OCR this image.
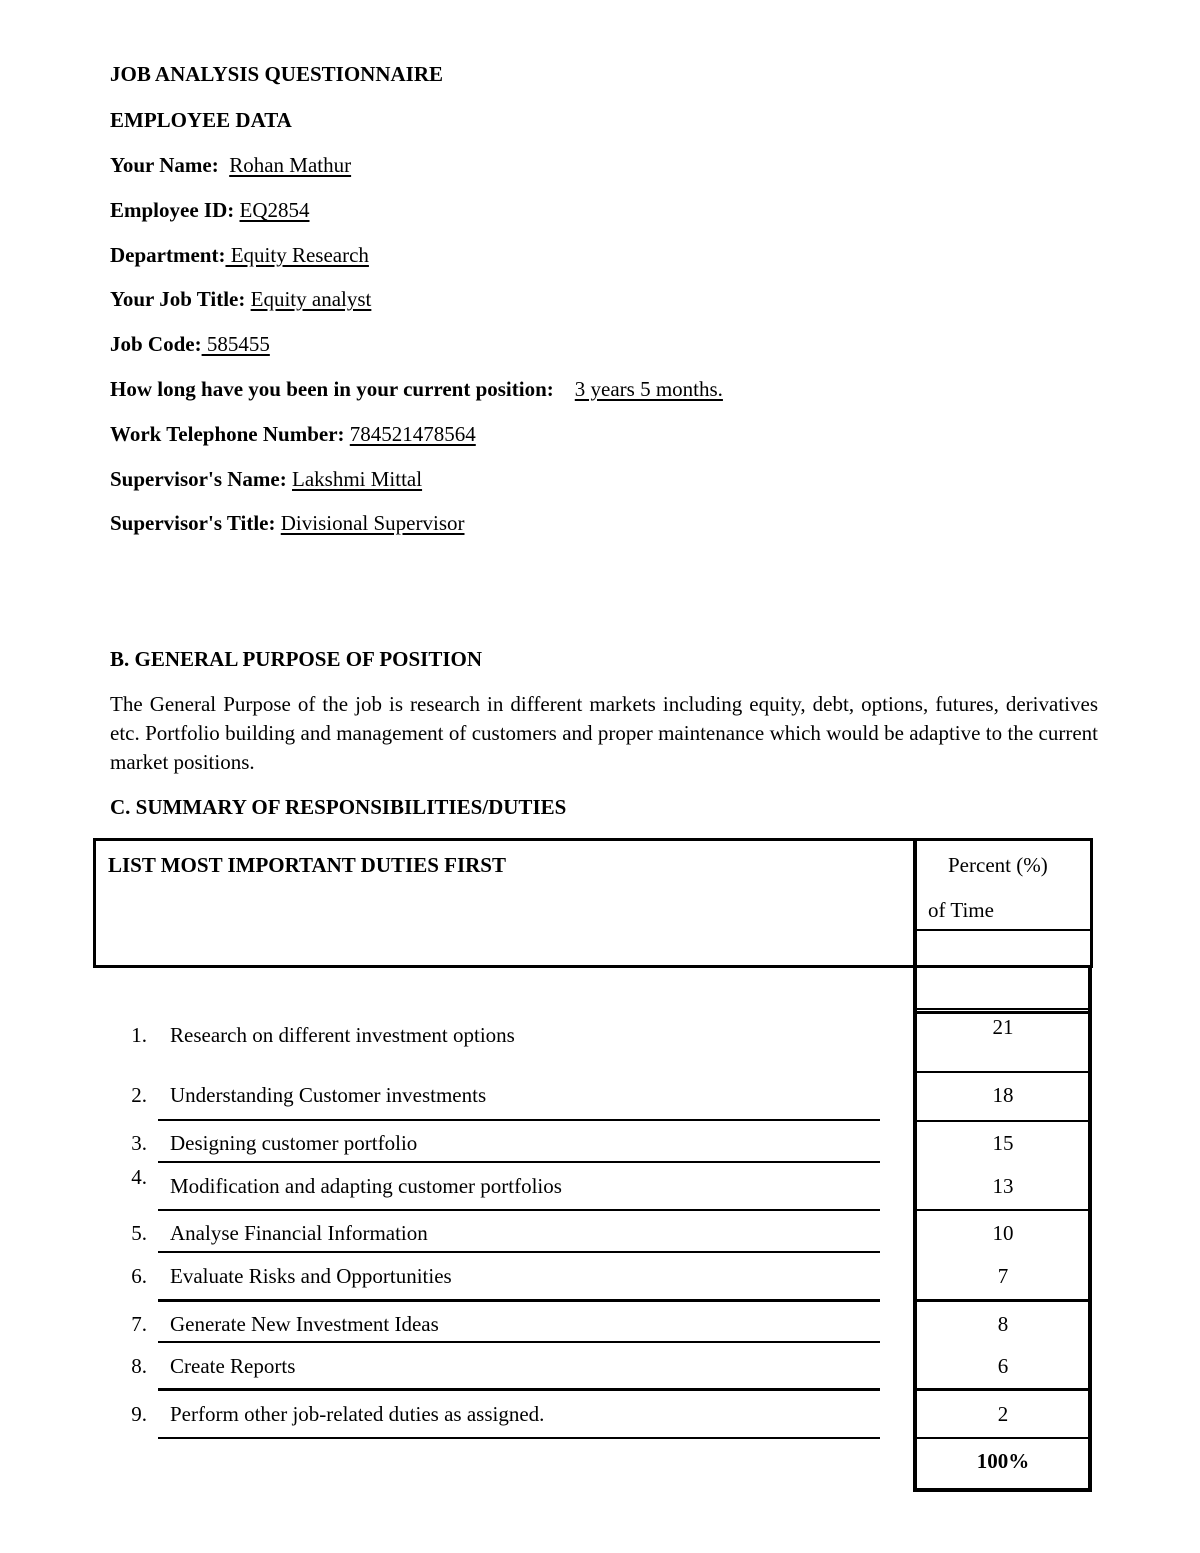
JOB ANALYSIS QUESTIONNAIRE
EMPLOYEE DATA
Your Name: Rohan Mathur
Employee ID: EQ2854
Department: Equity Research
Your Job Title: Equity analyst
Job Code: 585455
How long have you been in your current position: 3 years 5 months.
Work Telephone Number: 784521478564
Supervisor's Name: Lakshmi Mittal
Supervisor's Title: Divisional Supervisor
B. GENERAL PURPOSE OF POSITION
The General Purpose of the job is research in different markets including equity, debt, options, futures, derivatives etc. Portfolio building and management of customers and proper maintenance which would be adaptive to the current market positions.
C. SUMMARY OF RESPONSIBILITIES/DUTIES
LIST MOST IMPORTANT DUTIES FIRST	Percent (%)
of Time
1. Research on different investment options	21
2. Understanding Customer investments	18
3. Designing customer portfolio	15
4. Modification and adapting customer portfolios	13
5. Analyse Financial Information	10
6. Evaluate Risks and Opportunities	7
7. Generate New Investment Ideas	8
8. Create Reports	6
9. Perform other job-related duties as assigned.	2
100%
